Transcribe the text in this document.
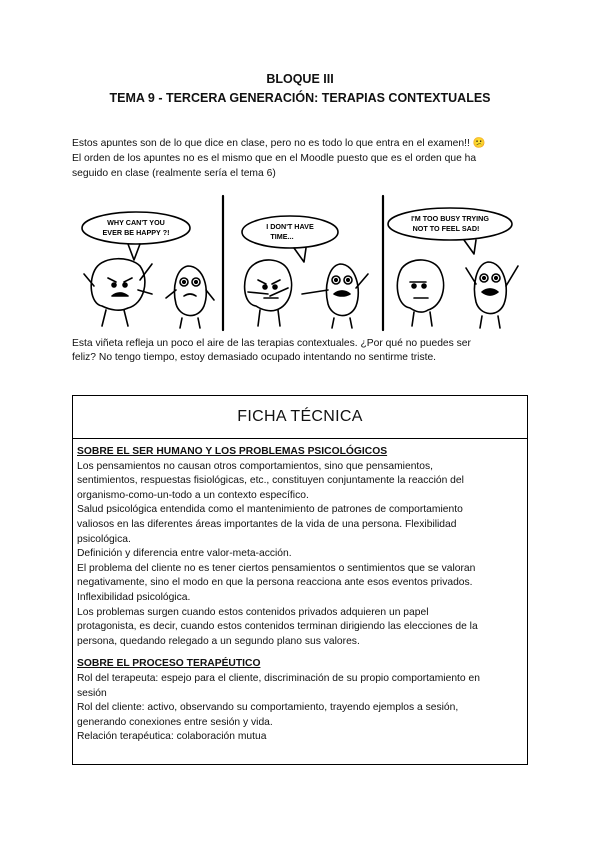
BLOQUE III
TEMA 9 - TERCERA GENERACIÓN: TERAPIAS CONTEXTUALES
Estos apuntes son de lo que dice en clase, pero no es todo lo que entra en el examen!! 😕
El orden de los apuntes no es el mismo que en el Moodle puesto que es el orden que ha
seguido en clase (realmente sería el tema 6)
WHY CAN'T YOU
EVER BE HAPPY ?!
I DON'T HAVE
TIME...
I'M TOO BUSY TRYING
NOT TO FEEL SAD!
Esta viñeta refleja un poco el aire de las terapias contextuales. ¿Por qué no puedes ser
feliz? No tengo tiempo, estoy demasiado ocupado intentando no sentirme triste.
FICHA TÉCNICA
SOBRE EL SER HUMANO Y LOS PROBLEMAS PSICOLÓGICOS

Los pensamientos no causan otros comportamientos, sino que pensamientos,

sentimientos, respuestas fisiológicas, etc., constituyen conjuntamente la reacción del

organismo-como-un-todo a un contexto específico.

Salud psicológica entendida como el mantenimiento de patrones de comportamiento

valiosos en las diferentes áreas importantes de la vida de una persona. Flexibilidad

psicológica.

Definición y diferencia entre valor-meta-acción.

El problema del cliente no es tener ciertos pensamientos o sentimientos que se valoran

negativamente, sino el modo en que la persona reacciona ante esos eventos privados.

Inflexibilidad psicológica.

Los problemas surgen cuando estos contenidos privados adquieren un papel

protagonista, es decir, cuando estos contenidos terminan dirigiendo las elecciones de la

persona, quedando relegado a un segundo plano sus valores.

SOBRE EL PROCESO TERAPÉUTICO

Rol del terapeuta: espejo para el cliente, discriminación de su propio comportamiento en

sesión

Rol del cliente: activo, observando su comportamiento, trayendo ejemplos a sesión,

generando conexiones entre sesión y vida.

Relación terapéutica: colaboración mutua
